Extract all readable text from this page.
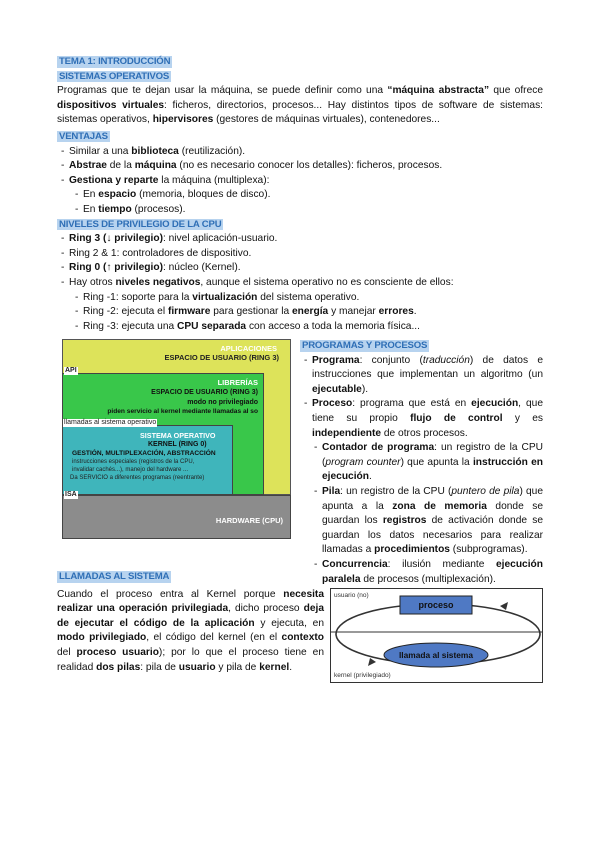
TEMA 1: INTRODUCCIÓN
SISTEMAS OPERATIVOS

Programas que te dejan usar la máquina, se puede definir como una “máquina abstracta” que ofrece dispositivos virtuales: ficheros, directorios, procesos... Hay distintos tipos de software de sistemas: sistemas operativos, hipervisores (gestores de máquinas virtuales), contenedores...

VENTAJAS
- Similar a una biblioteca (reutilización).
- Abstrae de la máquina (no es necesario conocer los detalles): ficheros, procesos.
- Gestiona y reparte la máquina (multiplexa):
- En espacio (memoria, bloques de disco).
- En tiempo (procesos).
NIVELES DE PRIVILEGIO DE LA CPU
- Ring 3 (↓ privilegio): nivel aplicación-usuario.
- Ring 2 & 1: controladores de dispositivo.
- Ring 0 (↑ privilegio): núcleo (Kernel).
- Hay otros niveles negativos, aunque el sistema operativo no es consciente de ellos:
- Ring -1: soporte para la virtualización del sistema operativo.
- Ring -2: ejecuta el firmware para gestionar la energía y manejar errores.
- Ring -3: ejecuta una CPU separada con acceso a toda la memoria física...
APLICACIONES
ESPACIO DE USUARIO (RING 3)
API
LIBRERÍAS
ESPACIO DE USUARIO (RING 3)
modo no privilegiado
piden servicio al kernel mediante llamadas al so
llamadas al sistema operativo
SISTEMA OPERATIVO
KERNEL (RING 0)
GESTIÓN, MULTIPLEXACIÓN, ABSTRACCIÓN
instrucciones especiales (registros de la CPU,
invalidar cachés...), manejo del hardware ...
Da SERVICIO a diferentes programas (reentrante)
ISA
HARDWARE (CPU)
PROGRAMAS Y PROCESOS
- Programa: conjunto (traducción) de datos e instrucciones que implementan un algoritmo (un ejecutable).
- Proceso: programa que está en ejecución, que tiene su propio flujo de control y es independiente de otros procesos.
- Contador de programa: un registro de la CPU (program counter) que apunta la instrucción en ejecución.
- Pila: un registro de la CPU (puntero de pila) que apunta a la zona de memoria donde se guardan los registros de activación donde se guardan los datos necesarios para realizar llamadas a procedimientos (subprogramas).
- Concurrencia: ilusión mediante ejecución paralela de procesos (multiplexación).
LLAMADAS AL SISTEMA

Cuando el proceso entra al Kernel porque necesita realizar una operación privilegiada, dicho proceso deja de ejecutar el código de la aplicación y ejecuta, en modo privilegiado, el código del kernel (en el contexto del proceso usuario); por lo que el proceso tiene en realidad dos pilas: pila de usuario y pila de kernel.

usuario (no)
proceso
llamada al sistema
kernel (privilegiado)
